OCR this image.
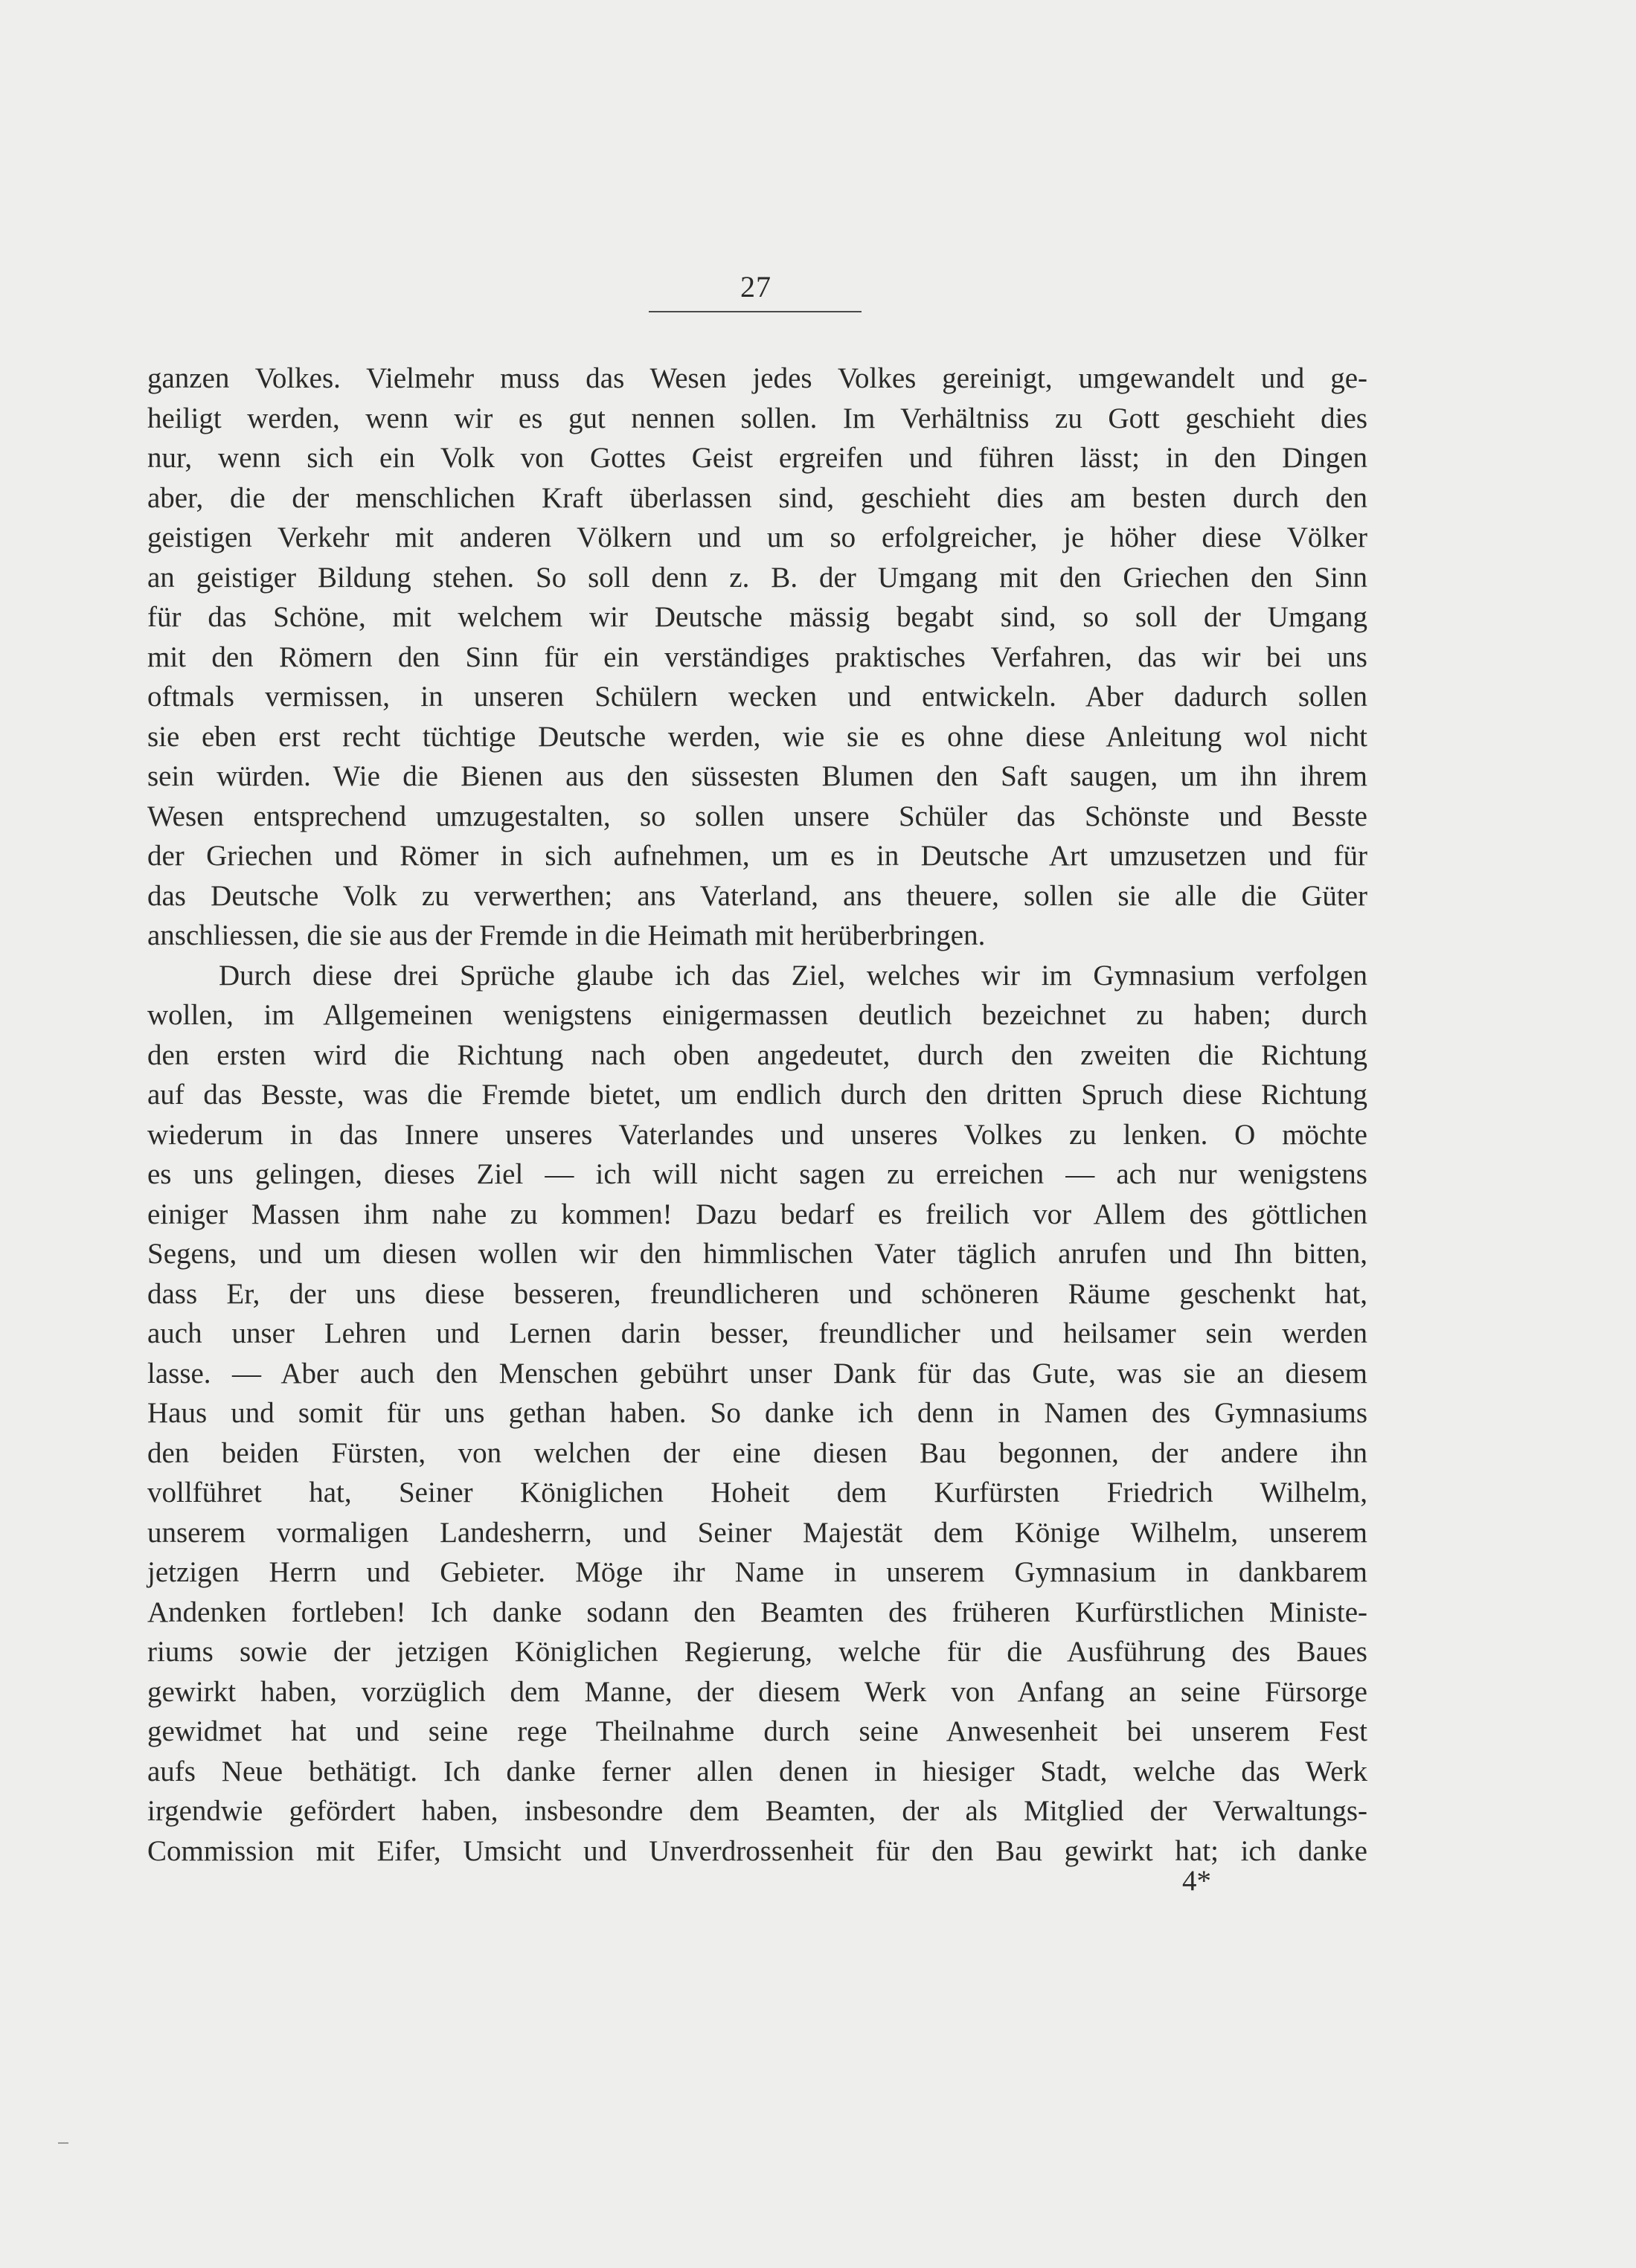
27
ganzen Volkes. Vielmehr muss das Wesen jedes Volkes gereinigt, umgewandelt und ge-
heiligt werden, wenn wir es gut nennen sollen. Im Verhältniss zu Gott geschieht dies
nur, wenn sich ein Volk von Gottes Geist ergreifen und führen lässt; in den Dingen
aber, die der menschlichen Kraft überlassen sind, geschieht dies am besten durch den
geistigen Verkehr mit anderen Völkern und um so erfolgreicher, je höher diese Völker
an geistiger Bildung stehen. So soll denn z. B. der Umgang mit den Griechen den Sinn
für das Schöne, mit welchem wir Deutsche mässig begabt sind, so soll der Umgang
mit den Römern den Sinn für ein verständiges praktisches Verfahren, das wir bei uns
oftmals vermissen, in unseren Schülern wecken und entwickeln. Aber dadurch sollen
sie eben erst recht tüchtige Deutsche werden, wie sie es ohne diese Anleitung wol nicht
sein würden. Wie die Bienen aus den süssesten Blumen den Saft saugen, um ihn ihrem
Wesen entsprechend umzugestalten, so sollen unsere Schüler das Schönste und Besste
der Griechen und Römer in sich aufnehmen, um es in Deutsche Art umzusetzen und für
das Deutsche Volk zu verwerthen; ans Vaterland, ans theuere, sollen sie alle die Güter
anschliessen, die sie aus der Fremde in die Heimath mit herüberbringen.
Durch diese drei Sprüche glaube ich das Ziel, welches wir im Gymnasium verfolgen
wollen, im Allgemeinen wenigstens einigermassen deutlich bezeichnet zu haben; durch
den ersten wird die Richtung nach oben angedeutet, durch den zweiten die Richtung
auf das Besste, was die Fremde bietet, um endlich durch den dritten Spruch diese Richtung
wiederum in das Innere unseres Vaterlandes und unseres Volkes zu lenken. O möchte
es uns gelingen, dieses Ziel — ich will nicht sagen zu erreichen — ach nur wenigstens
einiger Massen ihm nahe zu kommen! Dazu bedarf es freilich vor Allem des göttlichen
Segens, und um diesen wollen wir den himmlischen Vater täglich anrufen und Ihn bitten,
dass Er, der uns diese besseren, freundlicheren und schöneren Räume geschenkt hat,
auch unser Lehren und Lernen darin besser, freundlicher und heilsamer sein werden
lasse. — Aber auch den Menschen gebührt unser Dank für das Gute, was sie an diesem
Haus und somit für uns gethan haben. So danke ich denn in Namen des Gymnasiums
den beiden Fürsten, von welchen der eine diesen Bau begonnen, der andere ihn
vollführet hat, Seiner Königlichen Hoheit dem Kurfürsten Friedrich Wilhelm,
unserem vormaligen Landesherrn, und Seiner Majestät dem Könige Wilhelm, unserem
jetzigen Herrn und Gebieter. Möge ihr Name in unserem Gymnasium in dankbarem
Andenken fortleben! Ich danke sodann den Beamten des früheren Kurfürstlichen Ministe-
riums sowie der jetzigen Königlichen Regierung, welche für die Ausführung des Baues
gewirkt haben, vorzüglich dem Manne, der diesem Werk von Anfang an seine Fürsorge
gewidmet hat und seine rege Theilnahme durch seine Anwesenheit bei unserem Fest
aufs Neue bethätigt. Ich danke ferner allen denen in hiesiger Stadt, welche das Werk
irgendwie gefördert haben, insbesondre dem Beamten, der als Mitglied der Verwaltungs-
Commission mit Eifer, Umsicht und Unverdrossenheit für den Bau gewirkt hat; ich danke
4*
